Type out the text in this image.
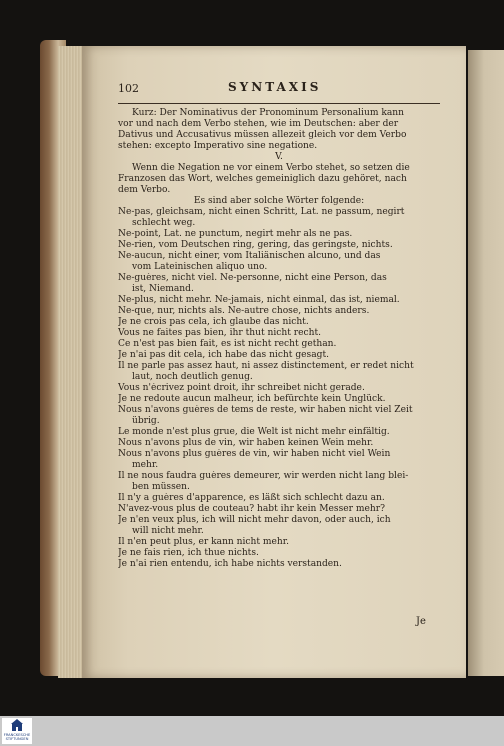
102	SYNTAXIS
Kurz: Der Nominativus der Pronominum Personalium kann
vor und nach dem Verbo stehen, wie im Deutschen: aber der
Dativus und Accusativus müssen allezeit gleich vor dem Verbo
stehen: excepto Imperativo sine negatione.
V.
Wenn die Negation ne vor einem Verbo stehet, so setzen die
Franzosen das Wort, welches gemeiniglich dazu gehöret, nach
dem Verbo.
Es sind aber solche Wörter folgende:
Ne-pas, gleichsam, nicht einen Schritt, Lat. ne passum, negirt
schlecht weg.
Ne-point, Lat. ne punctum, negirt mehr als ne pas.
Ne-rien, vom Deutschen ring, gering, das geringste, nichts.
Ne-aucun, nicht einer, vom Italiänischen alcuno, und das
vom Lateinischen aliquo uno.
Ne-guères, nicht viel. Ne-personne, nicht eine Person, das
ist, Niemand.
Ne-plus, nicht mehr. Ne-jamais, nicht einmal, das ist, niemal.
Ne-que, nur, nichts als. Ne-autre chose, nichts anders.
Je ne crois pas cela, ich glaube das nicht.
Vous ne faites pas bien, ihr thut nicht recht.
Ce n'est pas bien fait, es ist nicht recht gethan.
Je n'ai pas dit cela, ich habe das nicht gesagt.
Il ne parle pas assez haut, ni assez distinctement, er redet nicht
laut, noch deutlich genug.
Vous n'écrivez point droit, ihr schreibet nicht gerade.
Je ne redoute aucun malheur, ich befürchte kein Unglück.
Nous n'avons guères de tems de reste, wir haben nicht viel Zeit
übrig.
Le monde n'est plus grue, die Welt ist nicht mehr einfältig.
Nous n'avons plus de vin, wir haben keinen Wein mehr.
Nous n'avons plus guères de vin, wir haben nicht viel Wein
mehr.
Il ne nous faudra guères demeurer, wir werden nicht lang blei-
ben müssen.
Il n'y a guères d'apparence, es läßt sich schlecht dazu an.
N'avez-vous plus de couteau? habt ihr kein Messer mehr?
Je n'en veux plus, ich will nicht mehr davon, oder auch, ich
will nicht mehr.
Il n'en peut plus, er kann nicht mehr.
Je ne fais rien, ich thue nichts.
Je n'ai rien entendu, ich habe nichts verstanden.
Je
FRANCKESCHE STIFTUNGEN
